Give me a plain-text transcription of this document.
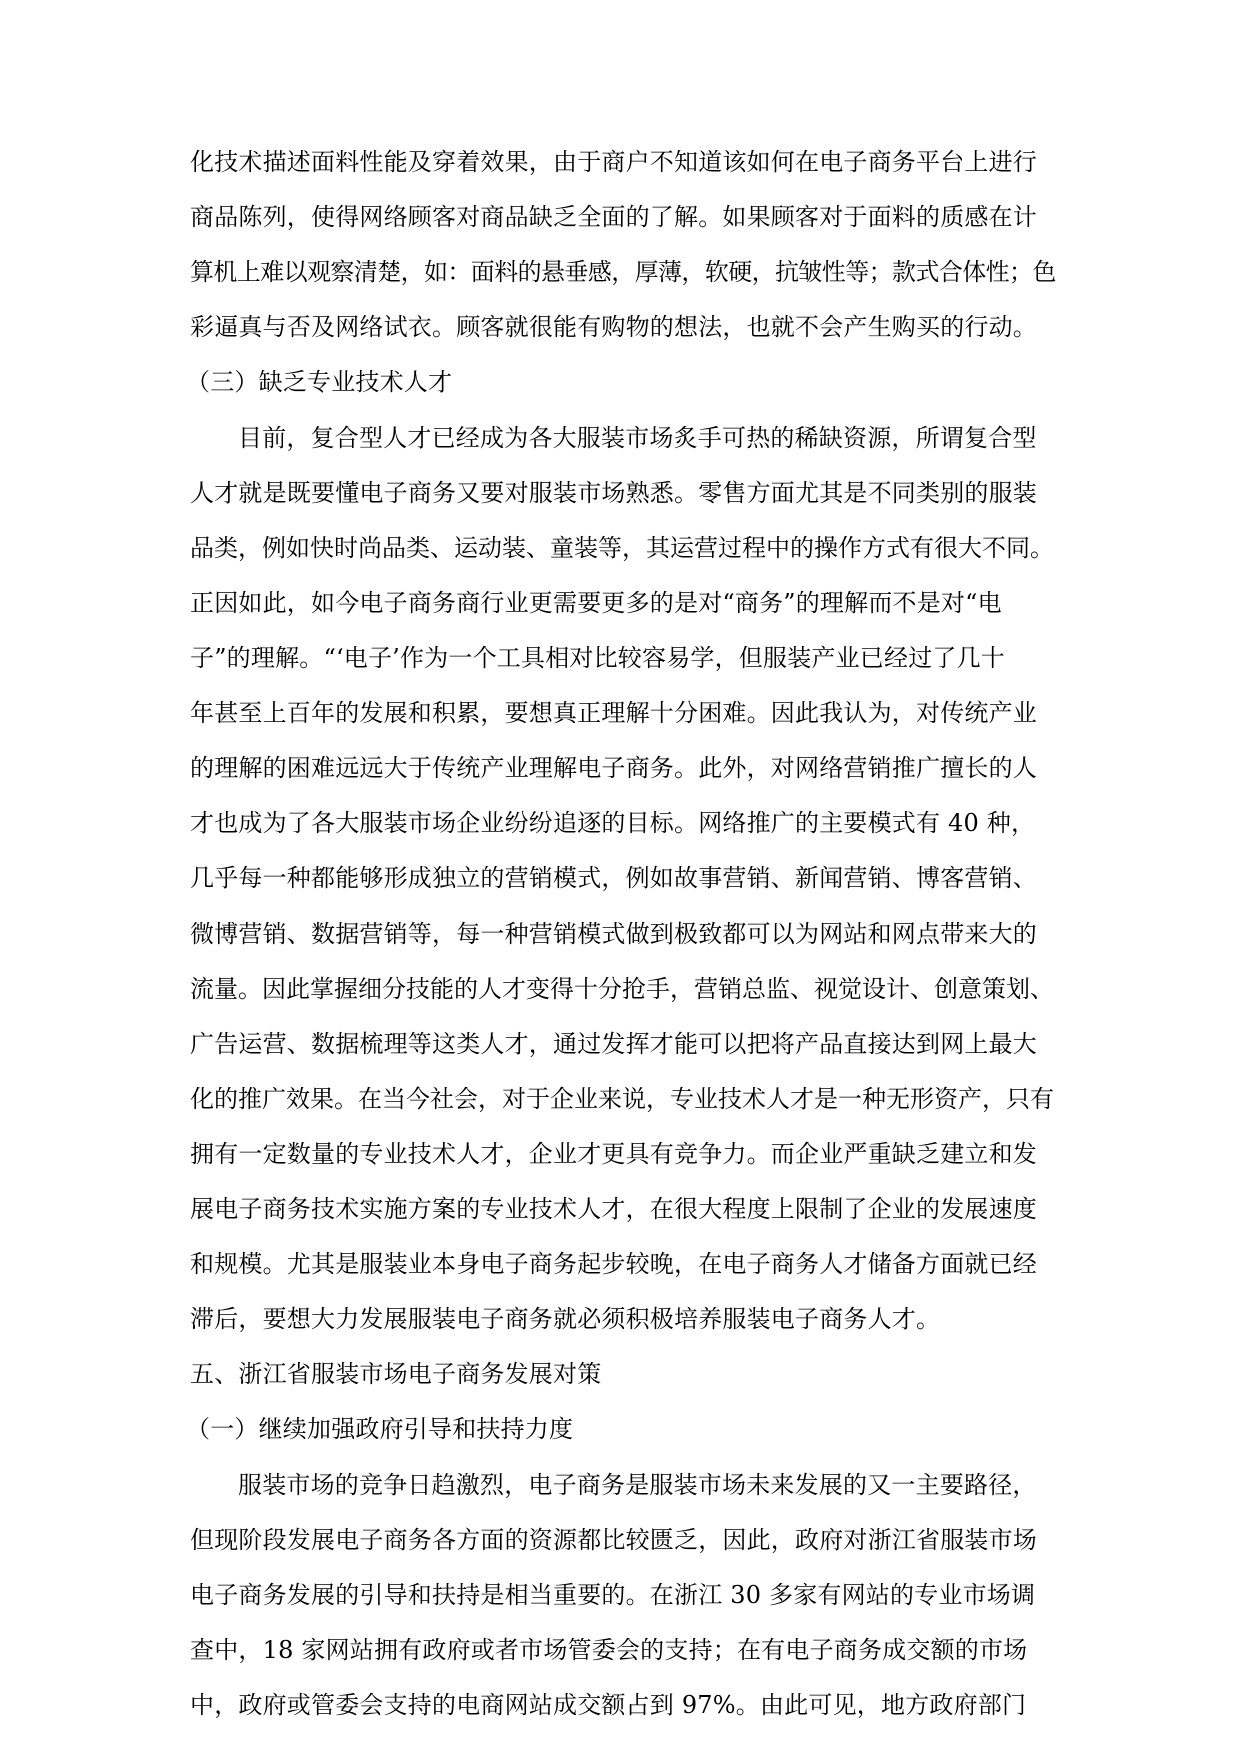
化技术描述面料性能及穿着效果，由于商户不知道该如何在电子商务平台上进行
商品陈列，使得网络顾客对商品缺乏全面的了解。如果顾客对于面料的质感在计
算机上难以观察清楚，如：面料的悬垂感，厚薄，软硬，抗皱性等；款式合体性；色
彩逼真与否及网络试衣。顾客就很能有购物的想法，也就不会产生购买的行动。
（三）缺乏专业技术人才
目前，复合型人才已经成为各大服装市场炙手可热的稀缺资源，所谓复合型
人才就是既要懂电子商务又要对服装市场熟悉。零售方面尤其是不同类别的服装
品类，例如快时尚品类、运动装、童装等，其运营过程中的操作方式有很大不同。
正因如此，如今电子商务商行业更需要更多的是对“商务”的理解而不是对“电
子”的理解。“‘电子’作为一个工具相对比较容易学，但服装产业已经过了几十
年甚至上百年的发展和积累，要想真正理解十分困难。因此我认为，对传统产业
的理解的困难远远大于传统产业理解电子商务。此外，对网络营销推广擅长的人
才也成为了各大服装市场企业纷纷追逐的目标。网络推广的主要模式有 40 种，
几乎每一种都能够形成独立的营销模式，例如故事营销、新闻营销、博客营销、
微博营销、数据营销等，每一种营销模式做到极致都可以为网站和网点带来大的
流量。因此掌握细分技能的人才变得十分抢手，营销总监、视觉设计、创意策划、
广告运营、数据梳理等这类人才，通过发挥才能可以把将产品直接达到网上最大
化的推广效果。在当今社会，对于企业来说，专业技术人才是一种无形资产，只有
拥有一定数量的专业技术人才，企业才更具有竞争力。而企业严重缺乏建立和发
展电子商务技术实施方案的专业技术人才，在很大程度上限制了企业的发展速度
和规模。尤其是服装业本身电子商务起步较晚，在电子商务人才储备方面就已经
滞后，要想大力发展服装电子商务就必须积极培养服装电子商务人才。
五、浙江省服装市场电子商务发展对策
（一）继续加强政府引导和扶持力度
服装市场的竞争日趋激烈，电子商务是服装市场未来发展的又一主要路径，
但现阶段发展电子商务各方面的资源都比较匮乏，因此，政府对浙江省服装市场
电子商务发展的引导和扶持是相当重要的。在浙江 30 多家有网站的专业市场调
查中，18 家网站拥有政府或者市场管委会的支持；在有电子商务成交额的市场
中，政府或管委会支持的电商网站成交额占到 97%。由此可见，地方政府部门
